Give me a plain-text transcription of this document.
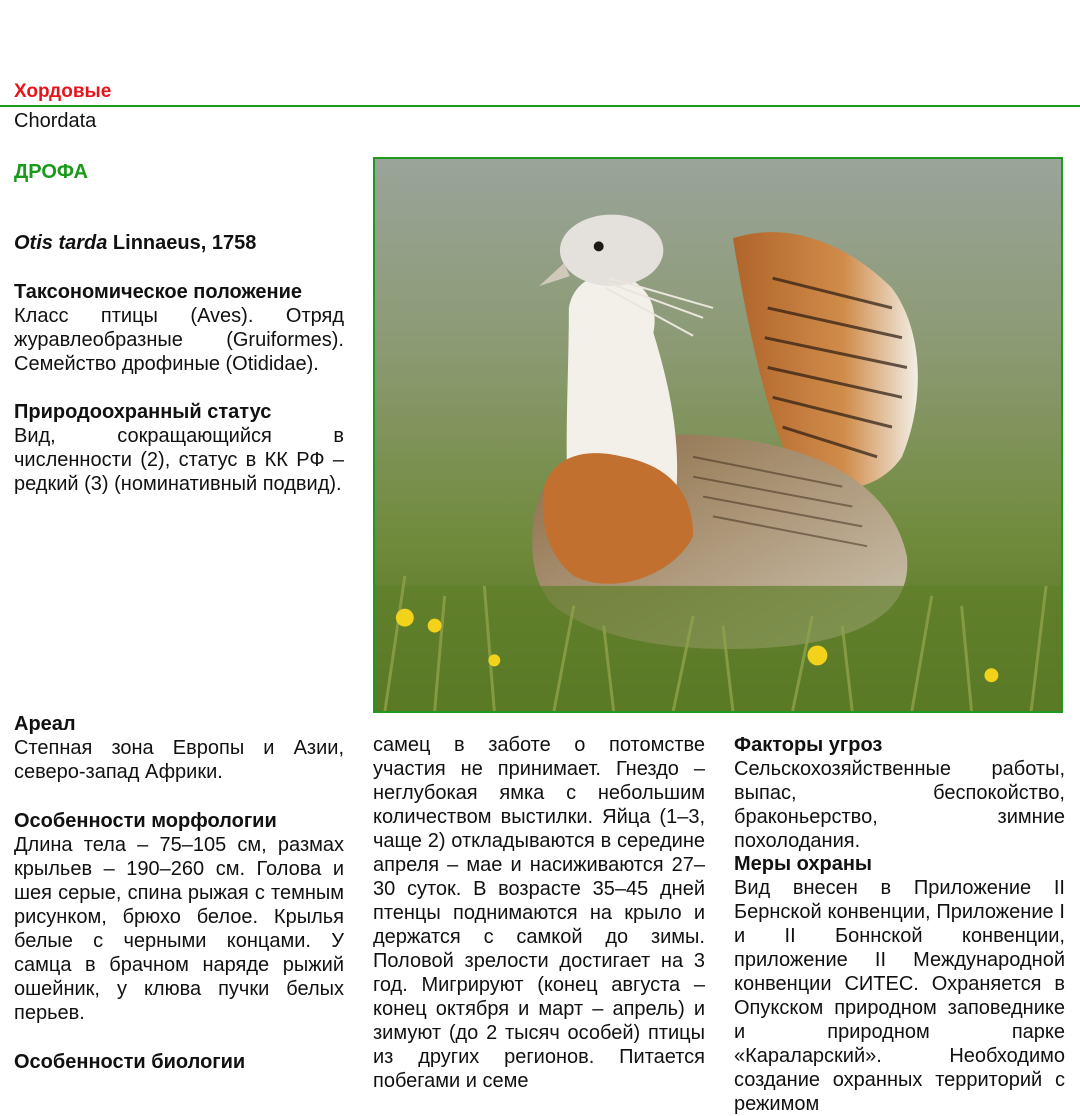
Хордовые
Chordata
ДРОФА
Otis tarda Linnaeus, 1758
Таксономическое положение

Класс птицы (Aves). Отряд журавлеобразные (Gruiformes). Семейство дрофиные (Otididae).

Природоохранный статус

Вид, сокращающийся в численности (2), статус в КК РФ – редкий (3) (номинативный подвид).

Ареал

Степная зона Европы и Азии, северо-запад Африки.

Особенности морфологии

Длина тела – 75–105 см, размах крыльев – 190–260 см. Голова и шея серые, спина рыжая с темным рисунком, брюхо белое. Крылья белые с черными концами. У самца в брачном наряде рыжий ошейник, у клюва пучки белых перьев.

Особенности биологии

самец в заботе о потомстве участия не принимает. Гнездо – неглубокая ямка с небольшим количеством выстилки. Яйца (1–3, чаще 2) откладываются в середине апреля – мае и насиживаются 27–30 суток. В возрасте 35–45 дней птенцы поднимаются на крыло и держатся с самкой до зимы. Половой зрелости достигает на 3 год. Мигрируют (конец августа – конец октября и март – апрель) и зимуют (до 2 тысяч особей) птицы из других регионов. Питается побегами и семе

Факторы угроз

Сельскохозяйственные работы, выпас, беспокойство, браконьерство, зимние похолодания.

Меры охраны

Вид внесен в Приложение II Бернской конвенции, Приложение I и II Боннской конвенции, приложение II Международной конвенции СИТЕС. Охраняется в Опукском природном заповеднике и природном парке «Караларский». Необходимо создание охранных территорий с режимом
